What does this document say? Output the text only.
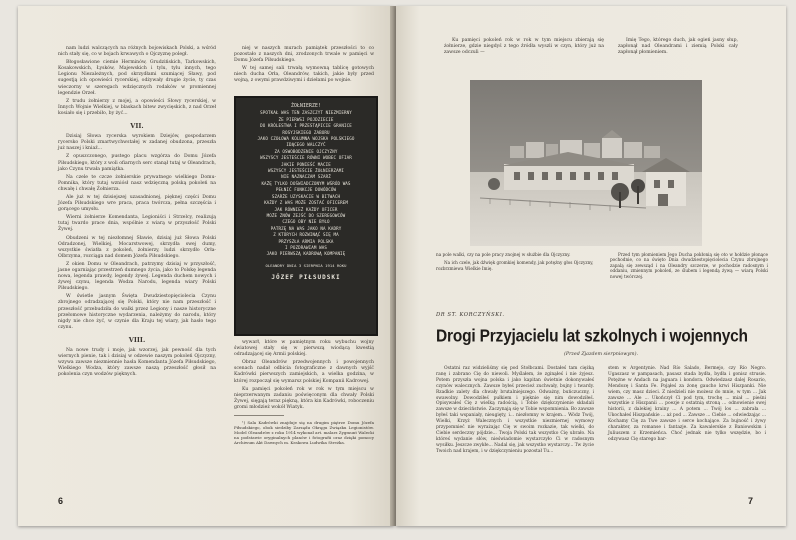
nam ludzi walczących na różnych bojowiskach Polski, a wśród nich stały się, co w bojach krwawych o Ojczyznę poległ.

Błogosławione ciemie Herminów, Grudzińskich, Tarkowskich, Kosakowskich, Łysków, Majewskich i tylu, tylu innych, tego Legionu Niezależnych, pod skrzydłami szumiącej Sławy, pod sugestją ich opowieści rycerskiej, odżywały drugie życie, ty czas wieczorny w szeregach wdzięcznych rodaków w promiennej legendzie Orzeł.

Z trudu żołnierzy z mojej, a opowieści Słowy rycerskiej, w Innych Wojnie Wielkiej, w blaskach bitew zwycięskich, z nad Orzeł kosiało się i przebiło, by żyć...

VII.

Dzisiaj Słowa rycerska wyrokiem Dziejów, gospodarzem rycersko Polski zmartwychwstałej w zadanej obudzona, przeszła już naszej i kniaź...

Z opuszczonego, pustego placu wzgórza do Domu Józefa Piłsudskiego, który z woli ofiarnych serc stanął tutaj w Oleandrach, jako Czynu trwała pamiątka.

Na czele te czcze żołnierskie prywatnego wielkiego Domu-Pomnika, który tutaj wzniósł nasz wdzięczną polską pokoleń na chwałę i chwałę Żołnierza.

Ale już w tej dzisiejszej uzasadnionej, pięknej części Domu Józefa Piłsudskiego wre praca, praca twórcza, pełna szczęścia i gorącego umysłu.

Wierni żołnierze Komendanta, Legioniści i Strzelcy, realizują tutaj twardo prace dnia, wspólnie z wiarą w przyszłość Polski Żywej.

Obudzeni w tej niezłomnej Sławie, dzisiaj już Słowa Polski Odradzonej, Wielkiej, Mocarstwowej, skrzydła swej dumy, wszystkie światła z pokoleń, żołnierzy, ludzi skrzydło Orła-Olbrzyma, rozciąga nad domem Józefa Piłsudskiego.

Z okien Domu w Oleandrach, patrzymy dzisiaj w przyszłość, jasne ogarniając przestrzeń dumnego życia, jako to Polskę legenda nowa, legenda prawdy, legendy żywej. Legenda duchem nowych i żywej czynu, legenda Wodza Narodu, legenda wiary Polski Piłsudskiego.

W świetle jasnym Święta Dwudziestopięciolecia Czynu zbrojnego odradzającej się Polski, który nie nam przeszłość i przeszłość przebudziła do walki przez Legiony i nasze historyczne przełomowe historyczne wydarzenia, należymy do narodu, który nigdy nie chce żyć, w czynie dla Kraju tej wiary, jak hasło tego czynu.

VIII.

Na nowe trudy i moje, jak wzorzej, jak pewność dla tych wiernych pienie, tak i dzisiaj w odzewie naszym pokoleń Ojczyzny, wzywa zawsze niezmiennie hasła Komendanta Józefa Piłsudskiego, Wielkiego Wodza, który zawsze naszą przeszłość głosił na pokolenia czyn wodzów pięknych.

niej w naszych murach pamiątek przeszłości to co pozostało z naszych dni, zrodzonych trwale w pamięci w Domu Józefa Piłsudskiego.

W tej samej sali trwałą wymowną tablicę gotowych niech ducha Orła, Oleandrów, takich, jakie były przed wojną, z owymi prawdziwymi i dziełami po wojnie.

ŻOŁNIERZE!
SPOTKAŁ WAS TEN ZASZCZYT NIEZMIERNY
ŻE PIERWSI POJDZIECIE
DO KRÓLESTWA I PRZESTĄPICIE GRANICE
ROSYJSKIEGO ZABORU
JAKO CZOŁOWA KOLUMNA WOJSKA POLSKIEGO
IDĄCEGO WALCZYĆ
ZA OSWOBODZENIE OJCZYZNY
WSZYSCY JESTEŚCIE RÓWNI WOBEC OFIAR
JAKIE PONIEŚĆ MACIE
WSZYSCY JESTEŚCIE ŻOŁNIERZAMI
NIE NAZNACZAM SZARŻ
KAŻĘ TYLKO DOŚWIADCZONYM WŚRÓD WAS
PEŁNIĆ FUNKCJE DOWÓDCÓW
SZARŻE UZYSKACIE W BITWACH
KAŻDY Z WAS MOŻE ZOSTAĆ OFICEREM
JAK RÓWNIEŻ KAŻDY OFICER
MOŻE ZNÓW ZEJŚĆ DO SZEREGOWCÓW
CZEGO OBY NIE BYŁO
PATRZĘ NA WAS JAKO NA KADRY
Z KTÓRYCH ROZWINĄĆ SIĘ MA
PRZYSZŁA ARMIA POLSKA
I POZDRAWIAM WAS
JAKO PIERWSZĄ KADROWĄ KOMPANIĘ
OLEANDRY DNIA 3 SIERPNIA 1914 ROKU
JÓZEF PIŁSUDSKI

wywarł, które w pamiętnym roku wybuchu wojny światowej stały się w pierwszą wiodącą kwestią odradzającej się Armii polskiej.

Obraz Oleandrów przedwojennych i powojennych scenach nadał odbicia fotograficzne z dawnych wyjść Kadrówki pierwszych zamiejskich, a wielka godzina, w której rozpoczął się wymarsz polskiej Kompanii Kadrowej.

Ku pamięci pokoleń rok w rok w tym miejscu w nieprzerwanym zadaniu poświęconym dla chwały Polski Żywej, sięgają teraz piękną, która kin Kadrówki, roboczeniu gromi młodzież wokół Wiatyk.

¹) Sala Kadrówki znajduje się na drugim piętrze Domu Józefa Piłsudskiego, obok siedziby Zarządu Okręgu Związku Legionistów. Model Oleandrów z roku 1914 wykonał art. malarz Zygmunt Walecki na podstawie oryginalnych planów i fotografii oraz dzięki pomocy Archiwum Akt Dawnych m. Krakowa Ludwika Streżka.

6

Ku pamięci pokoleń rok w rok w tym miejscu zbierają się żołnierze, gdzie niegdyś z tego źródła wyszli w czyn, który już na zawsze odczuli —

Imię Tego, którego duch, jak ogień jasny słup, zapłonął nad Oleandrami i ziemią Polski cały zapłonął płomieniem.

na pole walki, czy na pole pracy znojnej w służbie dla Ojczyzny.
Na ich czele, jak dźwięk gromkiej komendy, jak potężny głos Ojczyzny, rozbrzmiewa Wielkie Imię.
Przed tym płomieniem Jego Ducha pokłonią się oto w hołdzie płonące pochodnie, co na święto Dnia dwudziestopięciolecia Czynu zbrojnego zapalą się zewsząd i na Oleandry szczerze, w pochodzie radosnym i oddaniu, zmiennym pokoleń, ze ślubem i legendą żywą — wiarą Polski nowej twórczej.
DR ST. KORCZYŃSKI.
Drogi Przyjacielu lat szkolnych i wojennych
(Przed Zjazdem sierpniowym).

Ostatni raz widzieliśmy się pod Stołbcami. Dostałeś tam ciężką ranę i zabrano Cię do niewoli. Myślałem, że zginąłeś i nie żyjesz. Potem przyszła wojna polska i jako kapitan świetnie dokonywałeś czynów walecznych. Zawsze byłeś przecież zuchwały, bujny i twardy. Rzadkie zalety dla chwały brutalniejszego. Odważny, buńczuczny, i swawolny. Dowodziłeś pułkiem i pięknie się nim dowodziłeś. Opisywałeś Cię z wielką radością, i Tobie dziękczynienie składali zawsze w dzieciństwie. Zaczynają się w Tobie wspomnienia. Bo zawsze byłeś taki wspaniały, nieugięty, i... niezłomny w krajem... Wódz Twój, Wielki, Krzyż Walecznych i wszystkie niezmiernej wymowy przypomnieć nie wyrażając Cię w swoim rozkazie, tak wielki, do Ciebie serdeczny pójdzie... Twoja Polski tak wszystko Cię ubrało. Na któreś wydanie słów, nieświadomie wystarczyło Ci w radosnym wysiłku. Jeszcze zwykłe... Nadal się, jak wszystko wystarczy... Tw życie Twoich nad krajem, i w dziękczynieniu pozostał Tu...

stem w Argentynie. Nad Río Salado, Bermejo, czy Río Negro. Ugaszasz w pampasach, pasasz stada bydła, bydła i gonisz strusie. Potężne w Andach na jaguara i kondora. Odwiedzasz dalej Rosario, Mendozę i Santa Fe. Pojąłeś za żonę gaucho krwi Hiszpanki. Nie wiem, czy masz dzieci. Z niedzieli nie możesz do mnie, w tym ... Jak zawsze ... Ale ... Ukończył Ci pod tym, trochę ... miał ... pieśni wszystkie z Hiszpanii ... poezje z ostatnią stroną ... odnowienie swej historii, z dalekiej krainy ... A potem ... Twój los ... zabrała ... Ukochałeś Hiszpańskie ... aż pod ... Zawsze ... Ciebie ... odwiedzając ... Kochamy Cię za Twe zawsze i serce kochające. Za bujność i żywy charakter, za romanse i fantazje. Za kawalerskie z Baniowskim i Juliuszem z Krzemieńca. Choć jednak nie tylko wszędzie, bo i odzywasz Cię starego bar-

7
